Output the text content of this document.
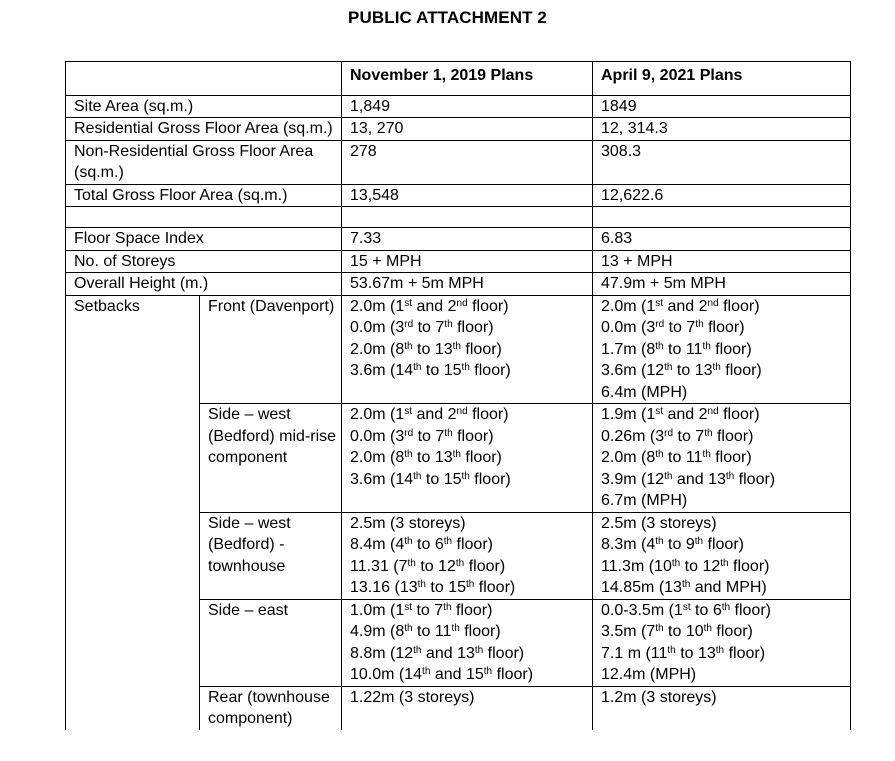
PUBLIC ATTACHMENT 2
		November 1, 2019 Plans	April 9, 2021 Plans
Site Area (sq.m.)		1,849	1849

Residential Gross Floor Area (sq.m.)		13, 270	12, 314.3

Non-Residential Gross Floor Area (sq.m.)		278	308.3

Total Gross Floor Area (sq.m.)		13,548	12,622.6

Floor Space Index		7.33	6.83

No. of Storeys		15 + MPH	13 + MPH

Overall Height (m.)		53.67m + 5m MPH	47.9m + 5m MPH

Setbacks	Front (Davenport)	2.0m (1st and 2nd floor)
0.0m (3rd to 7th floor)
2.0m (8th to 13th floor)
3.6m (14th to 15th floor)	2.0m (1st and 2nd floor)
0.0m (3rd to 7th floor)
1.7m (8th to 11th floor)
3.6m (12th to 13th floor)
6.4m (MPH)

	Side – west (Bedford) mid-rise component	2.0m (1st and 2nd floor)
0.0m (3rd to 7th floor)
2.0m (8th to 13th floor)
3.6m (14th to 15th floor)	1.9m (1st and 2nd floor)
0.26m (3rd to 7th floor)
2.0m (8th to 11th floor)
3.9m (12th and 13th floor)
6.7m (MPH)

	Side – west (Bedford) - townhouse	2.5m (3 storeys)
8.4m (4th to 6th floor)
11.31 (7th to 12th floor)
13.16 (13th to 15th floor)	2.5m (3 storeys)
8.3m (4th to 9th floor)
11.3m (10th to 12th floor)
14.85m (13th and MPH)

	Side – east	1.0m (1st to 7th floor)
4.9m (8th to 11th floor)
8.8m (12th and 13th floor)
10.0m (14th and 15th floor)	0.0-3.5m (1st to 6th floor)
3.5m (7th to 10th floor)
7.1 m (11th to 13th floor)
12.4m (MPH)

	Rear (townhouse component)	1.22m (3 storeys)	1.2m (3 storeys)
